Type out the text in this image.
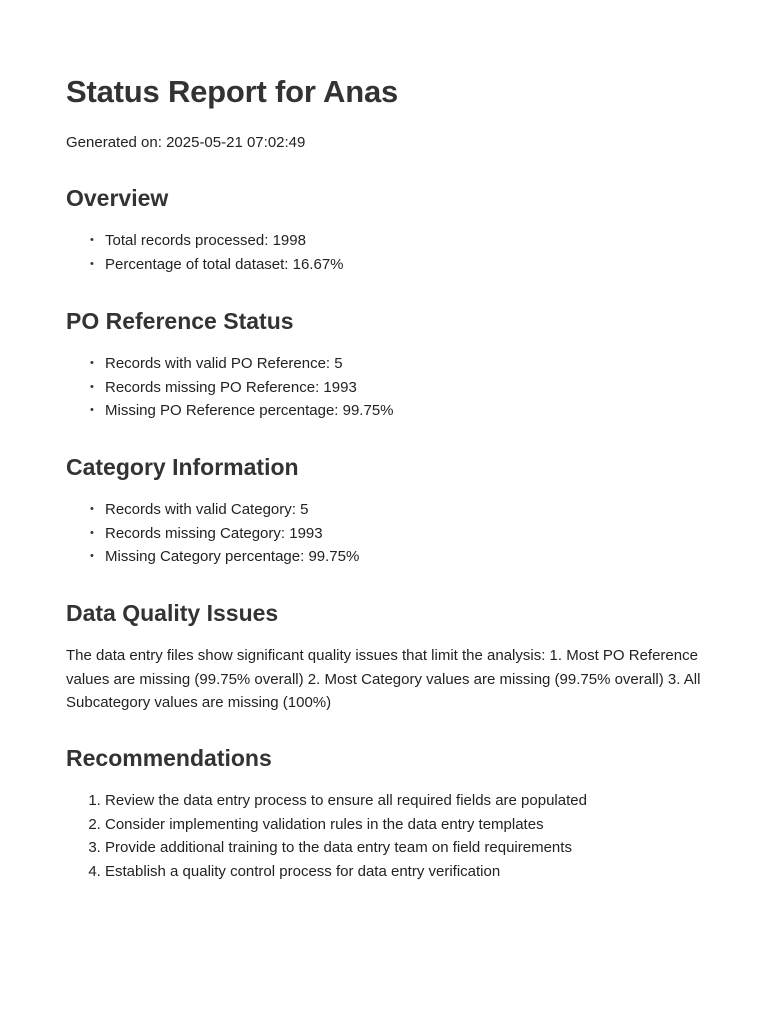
Status Report for Anas
Generated on: 2025-05-21 07:02:49
Overview
• Total records processed: 1998
• Percentage of total dataset: 16.67%
PO Reference Status
• Records with valid PO Reference: 5
• Records missing PO Reference: 1993
• Missing PO Reference percentage: 99.75%
Category Information
• Records with valid Category: 5
• Records missing Category: 1993
• Missing Category percentage: 99.75%
Data Quality Issues

The data entry files show significant quality issues that limit the analysis: 1. Most PO Reference values are missing (99.75% overall) 2. Most Category values are missing (99.75% overall) 3. All Subcategory values are missing (100%)

Recommendations
1. Review the data entry process to ensure all required fields are populated
2. Consider implementing validation rules in the data entry templates
3. Provide additional training to the data entry team on field requirements
4. Establish a quality control process for data entry verification
